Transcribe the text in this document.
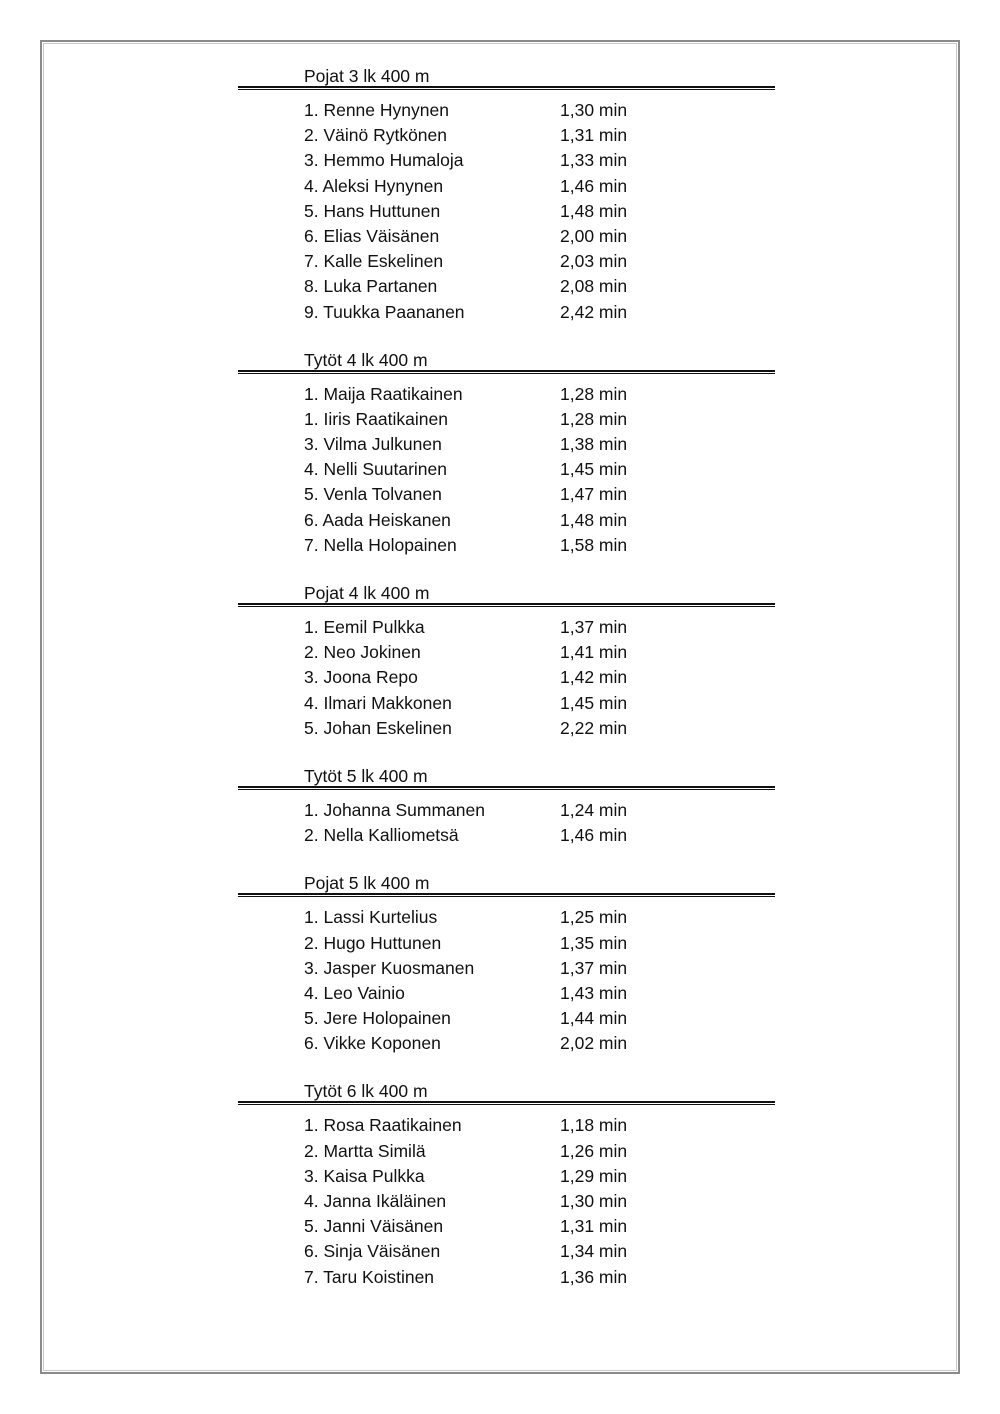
Pojat 3 lk 400 m
1. Renne Hynynen	1,30 min
2. Väinö Rytkönen	1,31 min
3. Hemmo Humaloja	1,33 min
4. Aleksi Hynynen	1,46 min
5. Hans Huttunen	1,48 min
6. Elias Väisänen	2,00 min
7. Kalle Eskelinen	2,03 min
8. Luka Partanen	2,08 min
9. Tuukka Paananen	2,42 min
Tytöt 4 lk 400 m
1. Maija Raatikainen	1,28 min
1. Iiris Raatikainen	1,28 min
3. Vilma Julkunen	1,38 min
4. Nelli Suutarinen	1,45 min
5. Venla Tolvanen	1,47 min
6. Aada Heiskanen	1,48 min
7. Nella Holopainen	1,58 min
Pojat 4 lk 400 m
1. Eemil Pulkka	1,37 min
2. Neo Jokinen	1,41 min
3. Joona Repo	1,42 min
4. Ilmari Makkonen	1,45 min
5. Johan Eskelinen	2,22 min
Tytöt 5 lk 400 m
1. Johanna Summanen	1,24 min
2. Nella Kalliometsä	1,46 min
Pojat 5 lk 400 m
1. Lassi Kurtelius	1,25 min
2. Hugo Huttunen	1,35 min
3. Jasper Kuosmanen	1,37 min
4. Leo Vainio	1,43 min
5. Jere Holopainen	1,44 min
6. Vikke Koponen	2,02 min
Tytöt 6 lk 400 m
1. Rosa Raatikainen	1,18 min
2. Martta Similä	1,26 min
3. Kaisa Pulkka	1,29 min
4. Janna Ikäläinen	1,30 min
5. Janni Väisänen	1,31 min
6. Sinja Väisänen	1,34 min
7. Taru Koistinen	1,36 min
